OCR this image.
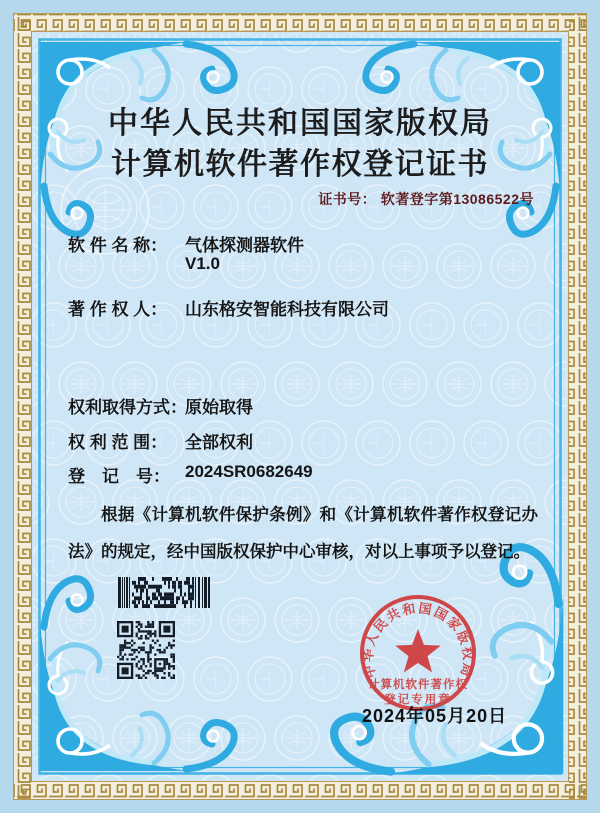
中华人民共和国国家版权局
计算机软件著作权登记证书
证书号： 软著登字第13086522号
软 件 名 称：	气体探测器软件
V1.0
著 作 权 人：	山东格安智能科技有限公司
权利取得方式：
原始取得
权 利 范 围：	全部权利
登　记　号： 2024SR0682649
根据《计算机软件保护条例》和《计算机软件著作权登记办法》的规定，经中国版权保护中心审核，对以上事项予以登记。
中华人民共和国国家版权局
计算机软件著作权
登记专用章
2024年05月20日
